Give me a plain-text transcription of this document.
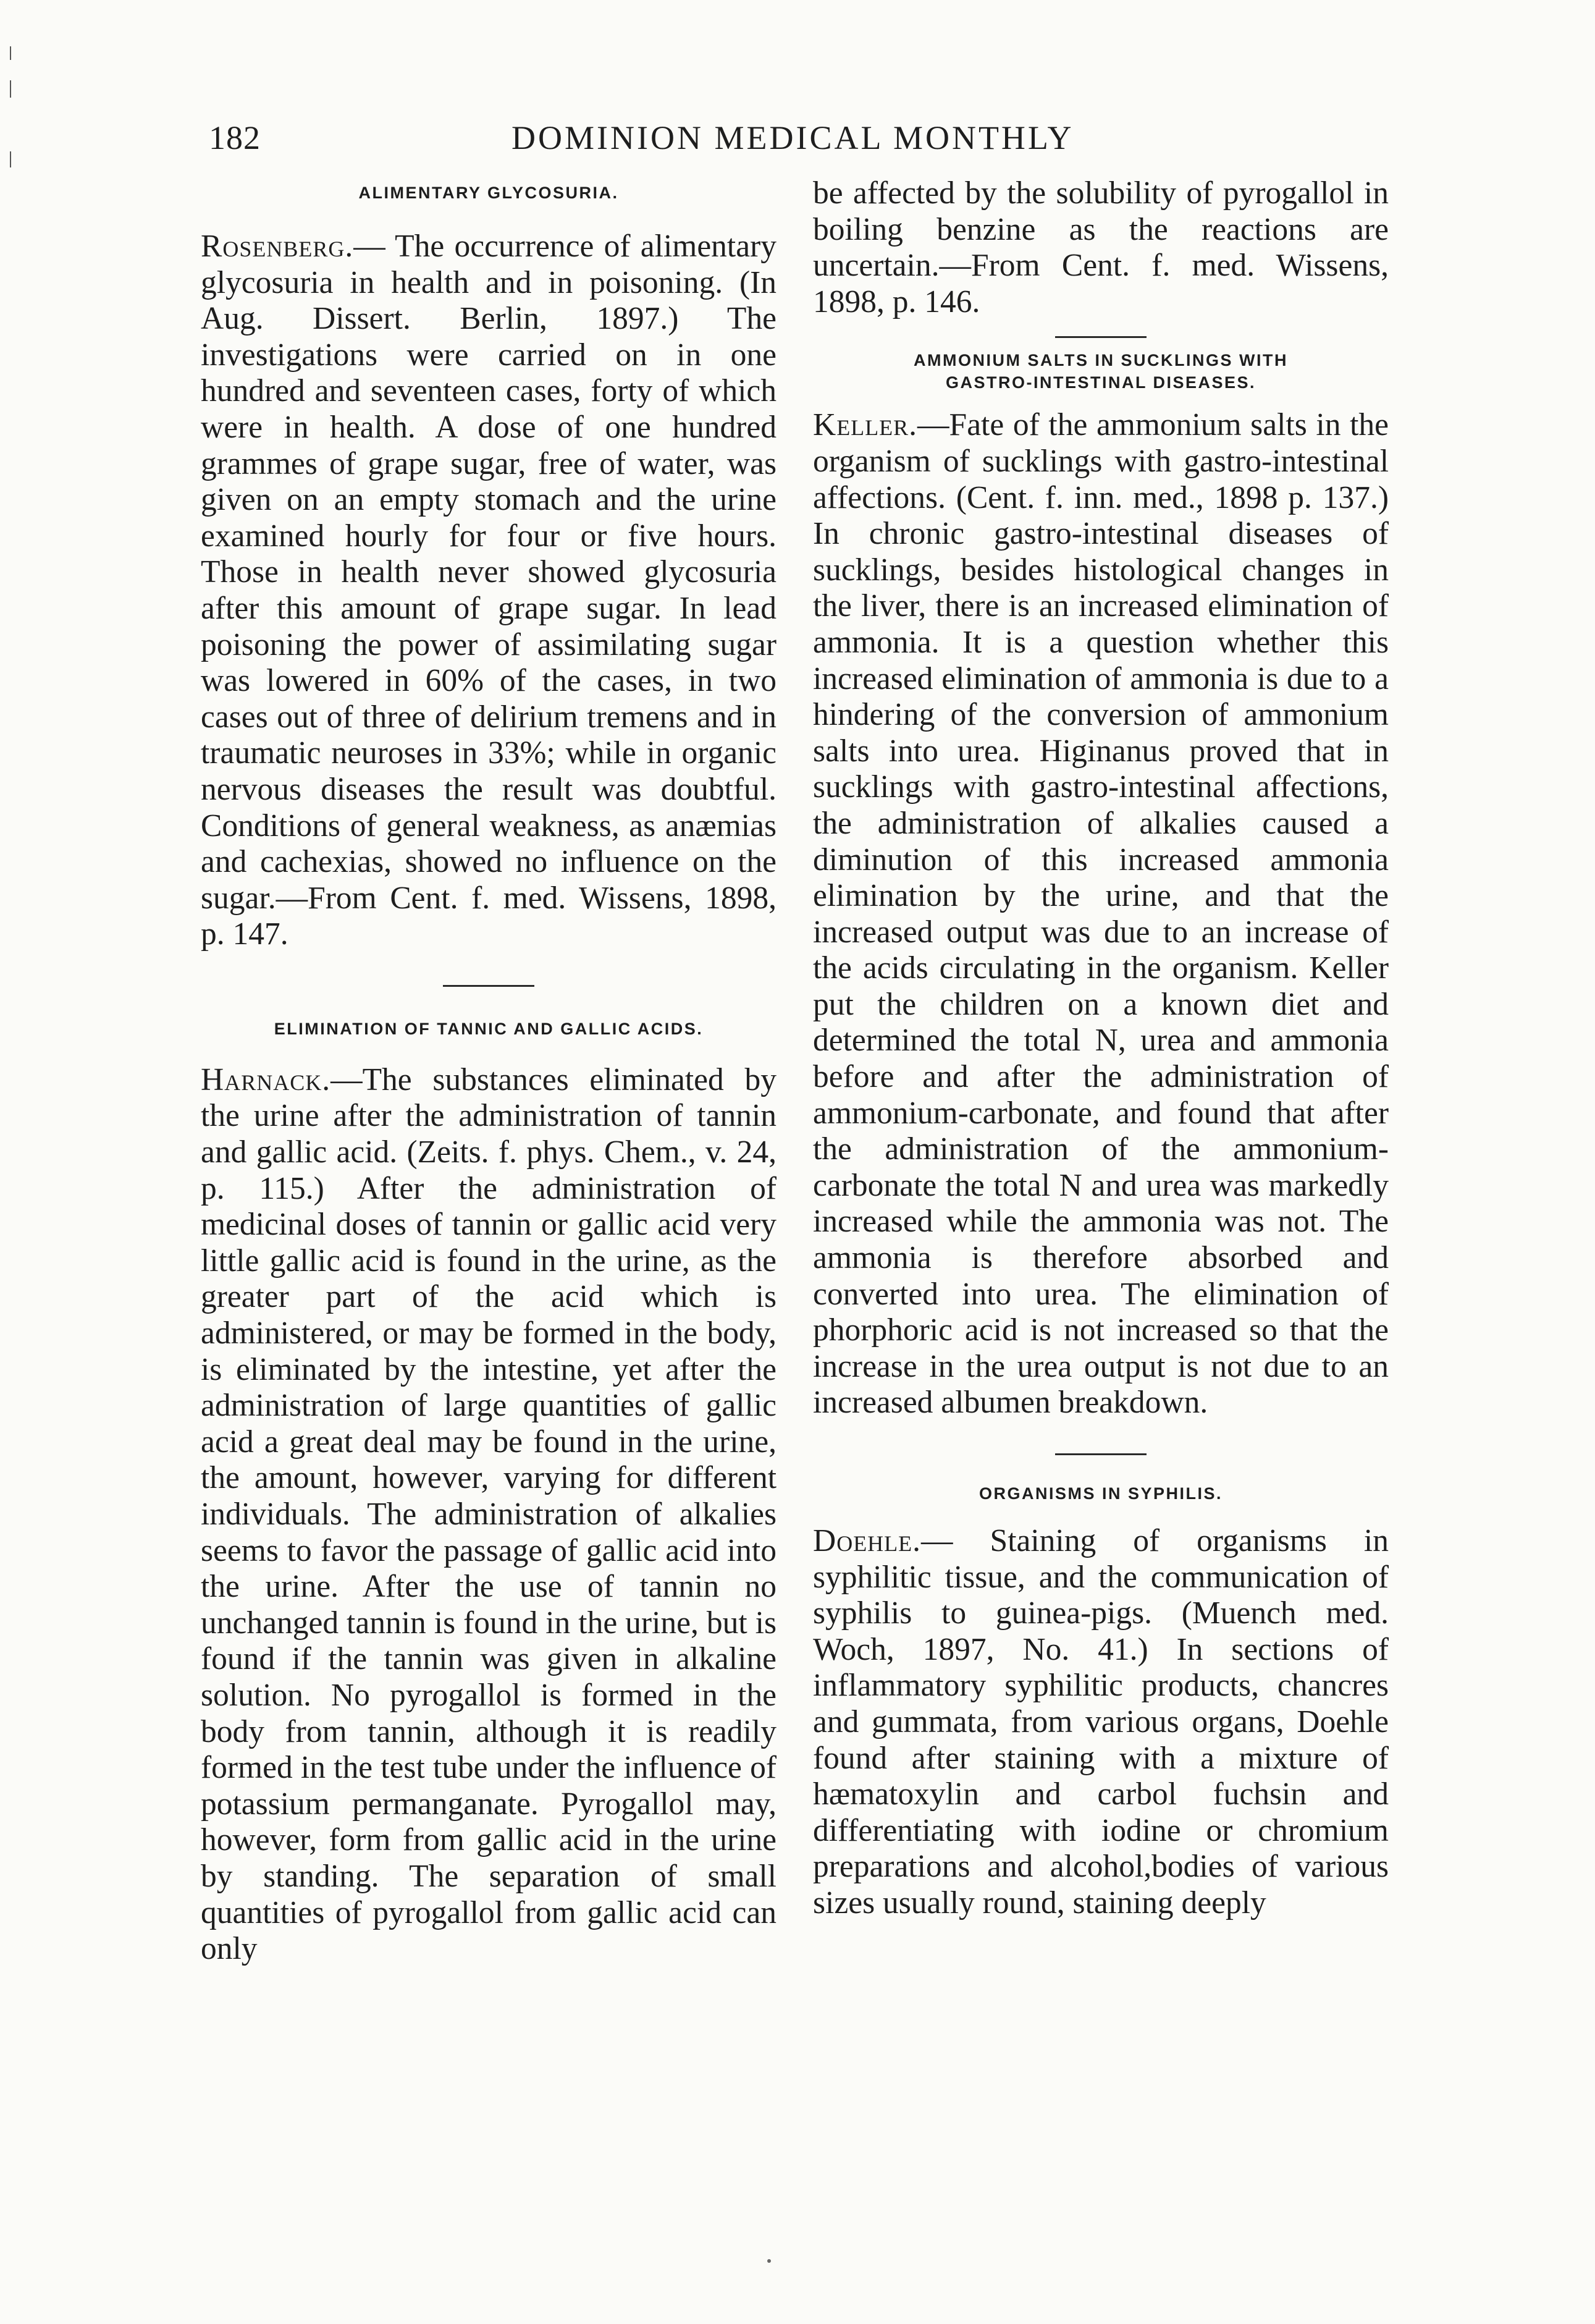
182	DOMINION MEDICAL MONTHLY

ALIMENTARY GLYCOSURIA.

Rosenberg.— The occurrence of alimentary glycosuria in health and in poisoning. (In Aug. Dissert. Berlin, 1897.) The investigations were carried on in one hundred and seventeen cases, forty of which were in health. A dose of one hundred grammes of grape sugar, free of water, was given on an empty stomach and the urine examined hourly for four or five hours. Those in health never showed glycosuria after this amount of grape sugar. In lead poisoning the power of assimilating sugar was lowered in 60% of the cases, in two cases out of three of delirium tremens and in traumatic neuroses in 33%; while in organic nervous diseases the result was doubtful. Conditions of general weakness, as anæmias and cachexias, showed no influence on the sugar.—From Cent. f. med. Wissens, 1898, p. 147.

ELIMINATION OF TANNIC AND GALLIC ACIDS.

Harnack.—The substances eliminated by the urine after the administration of tannin and gallic acid. (Zeits. f. phys. Chem., v. 24, p. 115.) After the administration of medicinal doses of tannin or gallic acid very little gallic acid is found in the urine, as the greater part of the acid which is administered, or may be formed in the body, is eliminated by the intestine, yet after the administration of large quantities of gallic acid a great deal may be found in the urine, the amount, however, varying for different individuals. The administration of alkalies seems to favor the passage of gallic acid into the urine. After the use of tannin no unchanged tannin is found in the urine, but is found if the tannin was given in alkaline solution. No pyrogallol is formed in the body from tannin, although it is readily formed in the test tube under the influence of potassium permanganate. Pyrogallol may, however, form from gallic acid in the urine by standing. The separation of small quantities of pyrogallol from gallic acid can only

be affected by the solubility of pyrogallol in boiling benzine as the reactions are uncertain.—From Cent. f. med. Wissens, 1898, p. 146.

AMMONIUM SALTS IN SUCKLINGS WITH
GASTRO-INTESTINAL DISEASES.

Keller.—Fate of the ammonium salts in the organism of sucklings with gastro-intestinal affections. (Cent. f. inn. med., 1898 p. 137.) In chronic gastro-intestinal diseases of sucklings, besides histological changes in the liver, there is an increased elimination of ammonia. It is a question whether this increased elimination of ammonia is due to a hindering of the conversion of ammonium salts into urea. Higinanus proved that in sucklings with gastro-intestinal affections, the administration of alkalies caused a diminution of this increased ammonia elimination by the urine, and that the increased output was due to an increase of the acids circulating in the organism. Keller put the children on a known diet and determined the total N, urea and ammonia before and after the administration of ammonium-carbonate, and found that after the administration of the ammonium-carbonate the total N and urea was markedly increased while the ammonia was not. The ammonia is therefore absorbed and converted into urea. The elimination of phorphoric acid is not increased so that the increase in the urea output is not due to an increased albumen breakdown.

ORGANISMS IN SYPHILIS.

Doehle.— Staining of organisms in syphilitic tissue, and the communication of syphilis to guinea-pigs. (Muench med. Woch, 1897, No. 41.) In sections of inflammatory syphilitic products, chancres and gummata, from various organs, Doehle found after staining with a mixture of hæmatoxylin and carbol fuchsin and differentiating with iodine or chromium preparations and alcohol,bodies of various sizes usually round, staining deeply
